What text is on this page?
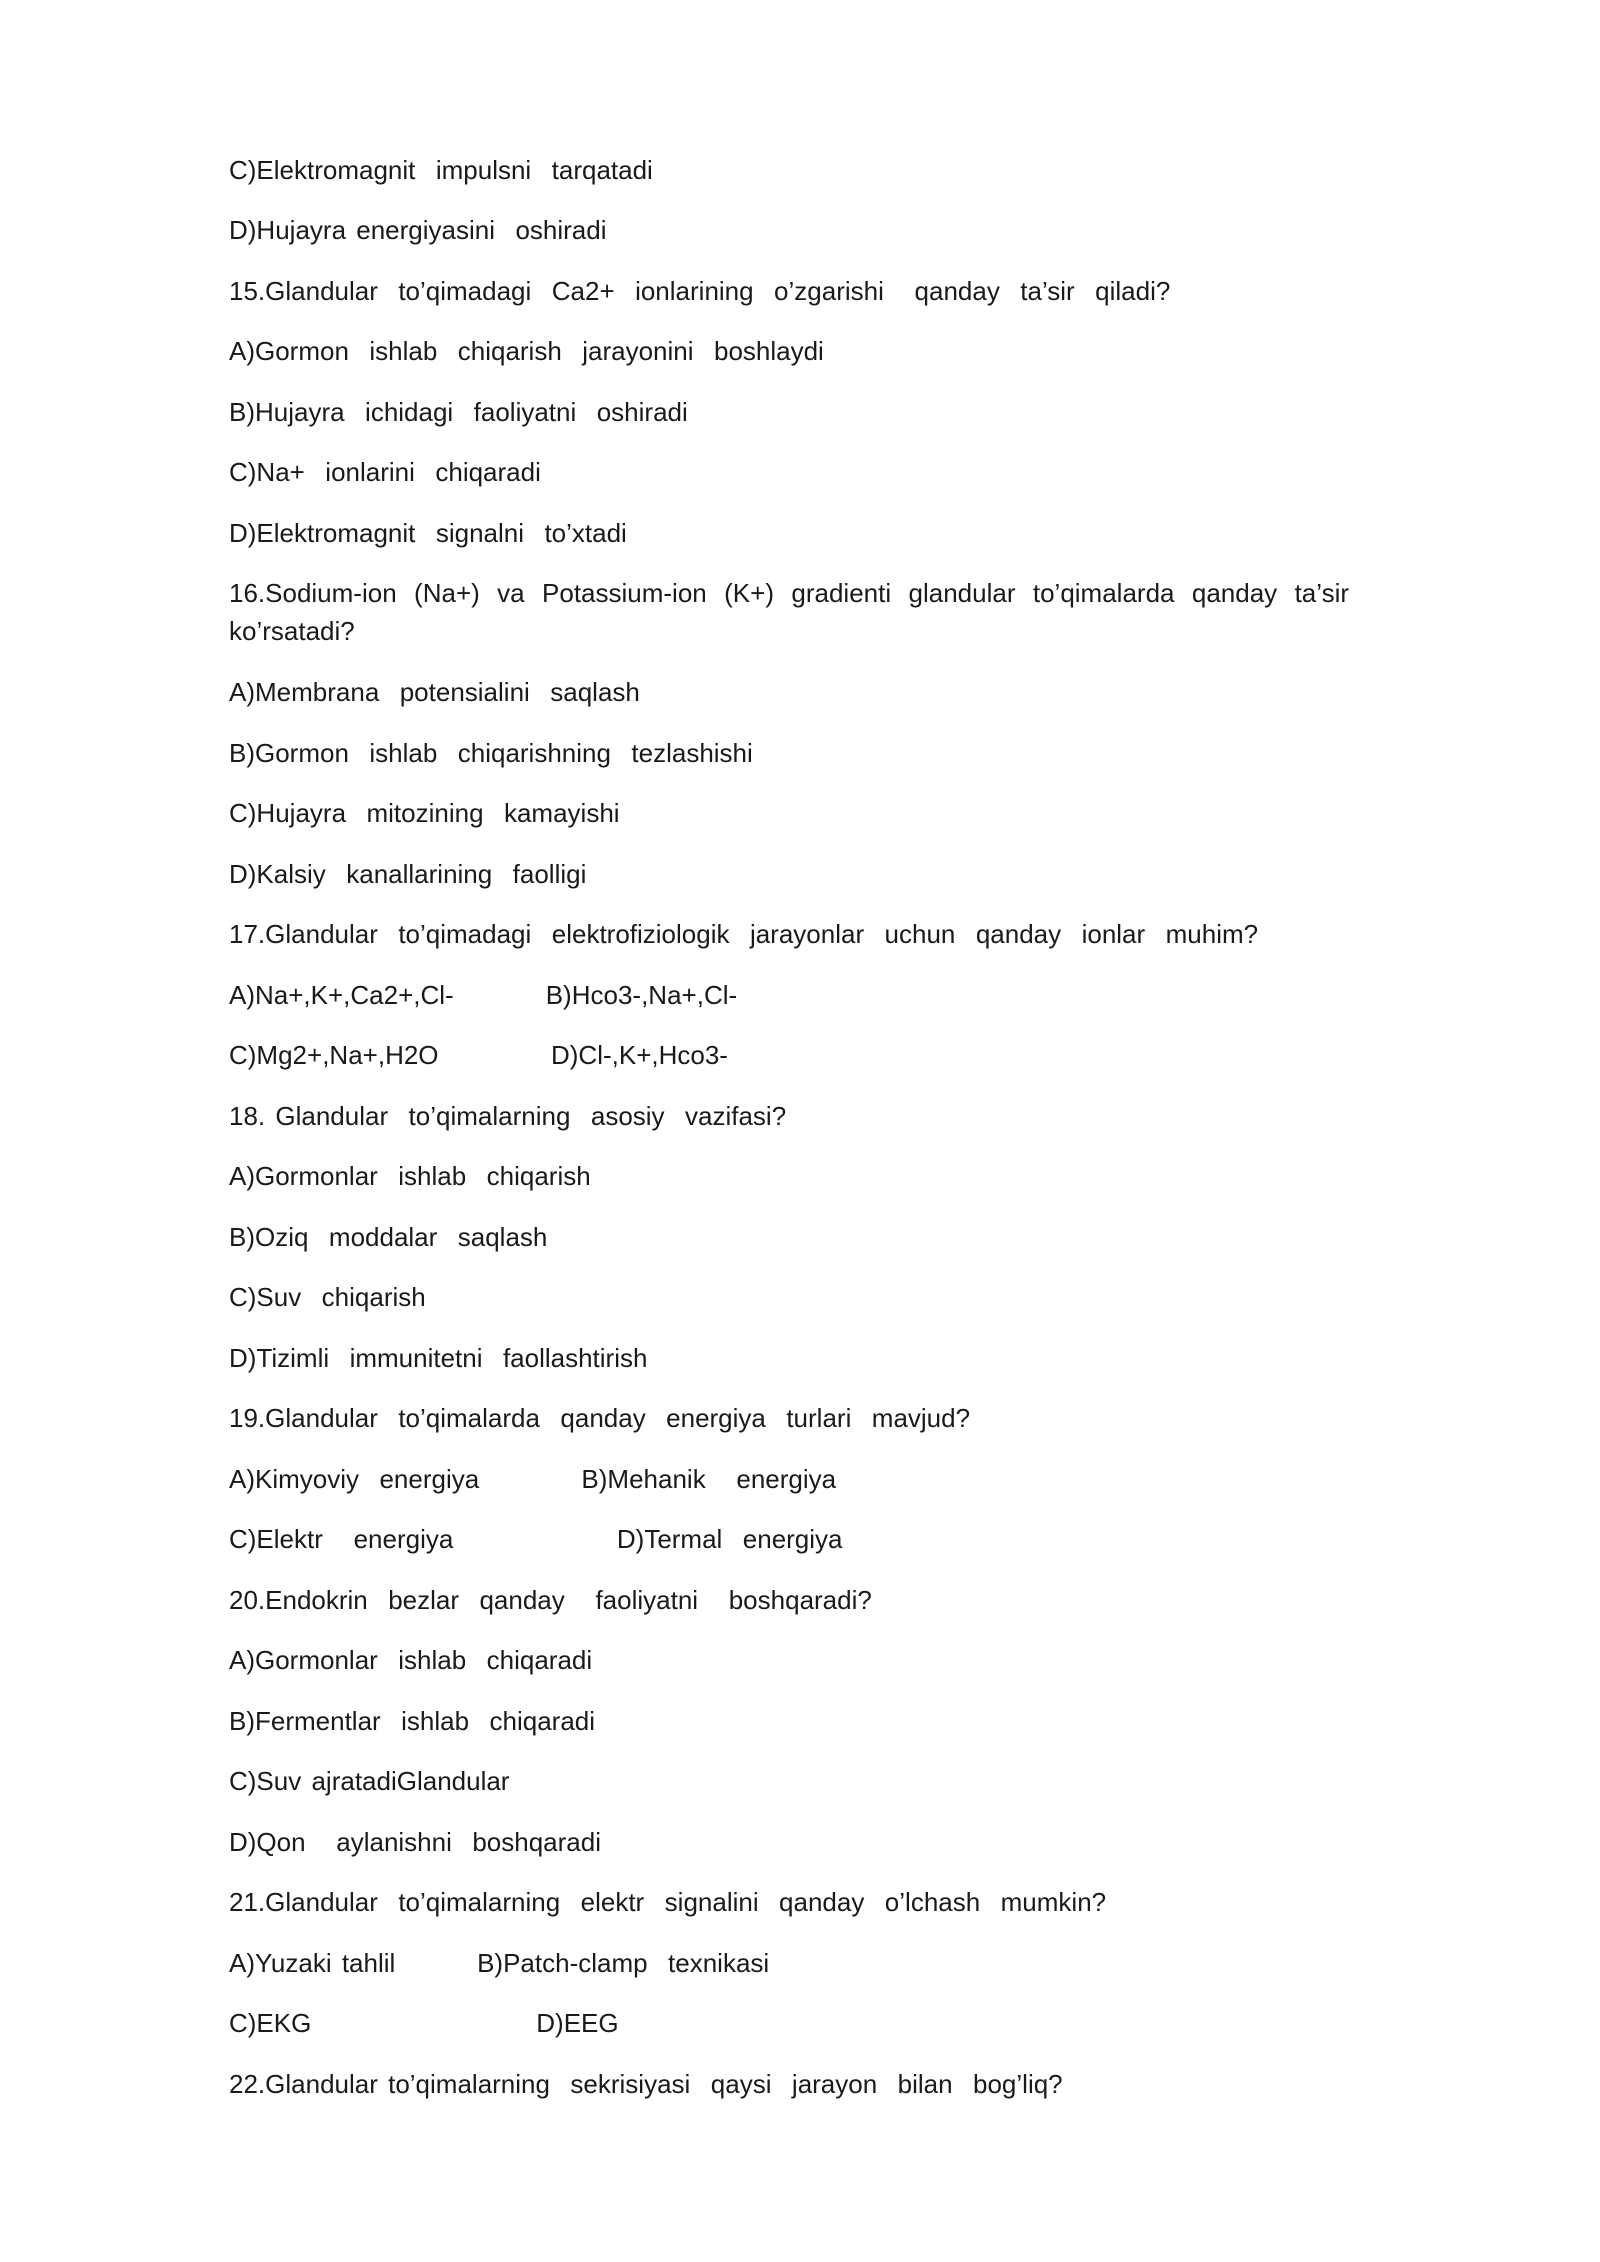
C)Elektromagnit  impulsni  tarqatadi
D)Hujayra energiyasini  oshiradi
15.Glandular  to’qimadagi  Ca2+  ionlarining  o’zgarishi   qanday  ta’sir  qiladi?
A)Gormon  ishlab  chiqarish  jarayonini  boshlaydi
B)Hujayra  ichidagi  faoliyatni  oshiradi
C)Na+  ionlarini  chiqaradi
D)Elektromagnit  signalni  to’xtadi
16.Sodium-ion (Na+) va Potassium-ion (K+) gradienti glandular to’qimalarda qanday ta’sir ko’rsatadi?
A)Membrana  potensialini  saqlash
B)Gormon  ishlab  chiqarishning  tezlashishi
C)Hujayra  mitozining  kamayishi
D)Kalsiy  kanallarining  faolligi
17.Glandular  to’qimadagi  elektrofiziologik  jarayonlar  uchun  qanday  ionlar  muhim?
A)Na+,K+,Ca2+,Cl-         B)Hco3-,Na+,Cl-
C)Mg2+,Na+,H2O           D)Cl-,K+,Hco3-
18. Glandular  to’qimalarning  asosiy  vazifasi?
A)Gormonlar  ishlab  chiqarish
B)Oziq  moddalar  saqlash
C)Suv  chiqarish
D)Tizimli  immunitetni  faollashtirish
19.Glandular  to’qimalarda  qanday  energiya  turlari  mavjud?
A)Kimyoviy  energiya          B)Mehanik   energiya
C)Elektr   energiya                D)Termal  energiya
20.Endokrin  bezlar  qanday   faoliyatni   boshqaradi?
A)Gormonlar  ishlab  chiqaradi
B)Fermentlar  ishlab  chiqaradi
C)Suv ajratadiGlandular
D)Qon   aylanishni  boshqaradi
21.Glandular  to’qimalarning  elektr  signalini  qanday  o’lchash  mumkin?
A)Yuzaki tahlil        B)Patch-clamp  texnikasi
C)EKG                      D)EEG
22.Glandular to’qimalarning  sekrisiyasi  qaysi  jarayon  bilan  bog’liq?
